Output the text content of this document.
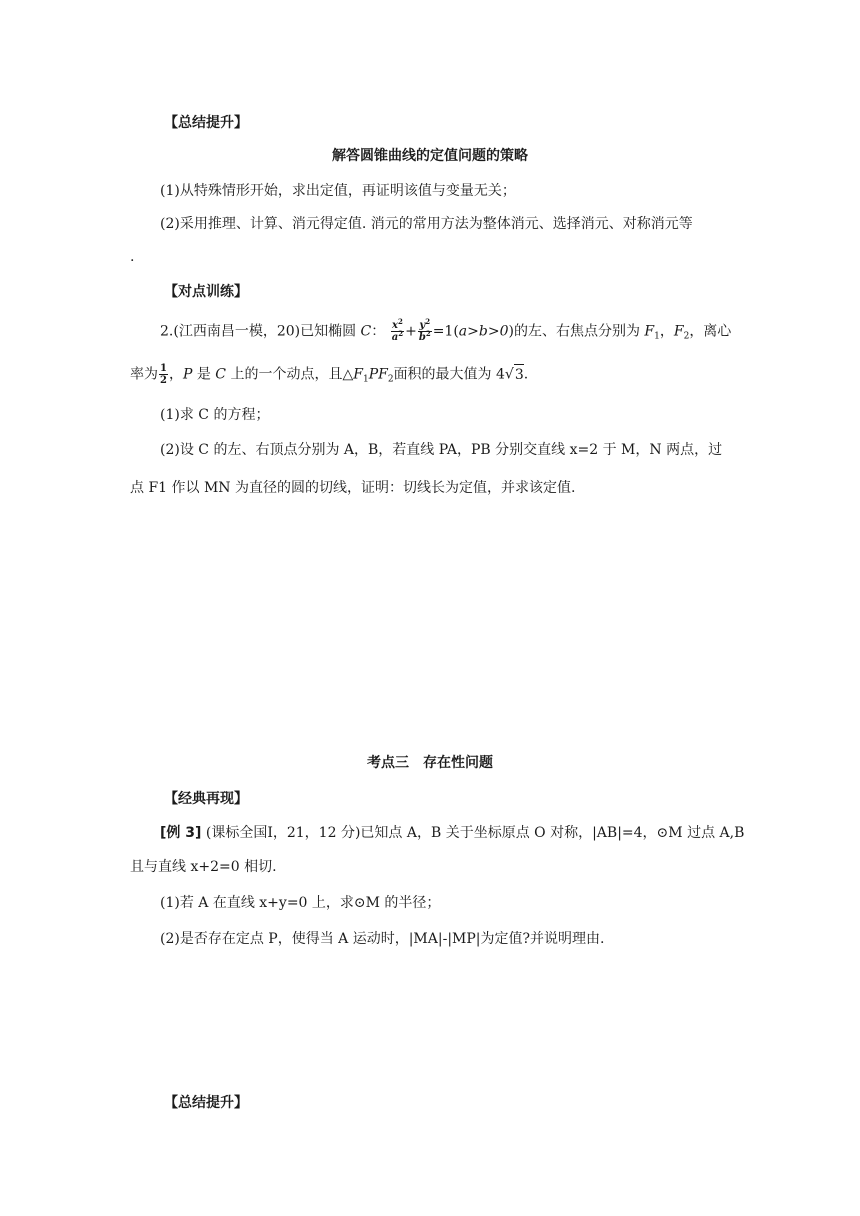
【总结提升】
解答圆锥曲线的定值问题的策略
(1)从特殊情形开始，求出定值，再证明该值与变量无关；
(2)采用推理、计算、消元得定值. 消元的常用方法为整体消元、选择消元、对称消元等
.
【对点训练】
2.(江西南昌一模，20)已知椭圆 C： $\frac{x^2}{a^2} + \frac{y^2}{b^2} =1(a>b>0)$的左、右焦点分别为 $F_1$，$F_2$，离心
率为 $\frac{1}{2}$ ，P 是 C 上的一个动点，且$\triangle F_1PF_2$面积的最大值为 4√3.
(1)求 C 的方程；
(2)设 C 的左、右顶点分别为 A，B，若直线 PA，PB 分别交直线 x=2 于 M，N 两点，过
点 F1 作以 MN 为直径的圆的切线，证明：切线长为定值，并求该定值.
考点三　存在性问题
【经典再现】
[例 3] (课标全国Ⅰ，21，12 分)已知点 A，B 关于坐标原点 O 对称，|AB|=4，⊙M 过点 A,B
且与直线 x+2=0 相切.
(1)若 A 在直线 x+y=0 上，求⊙M 的半径；
(2)是否存在定点 P，使得当 A 运动时，|MA|-|MP|为定值?并说明理由.
【总结提升】
